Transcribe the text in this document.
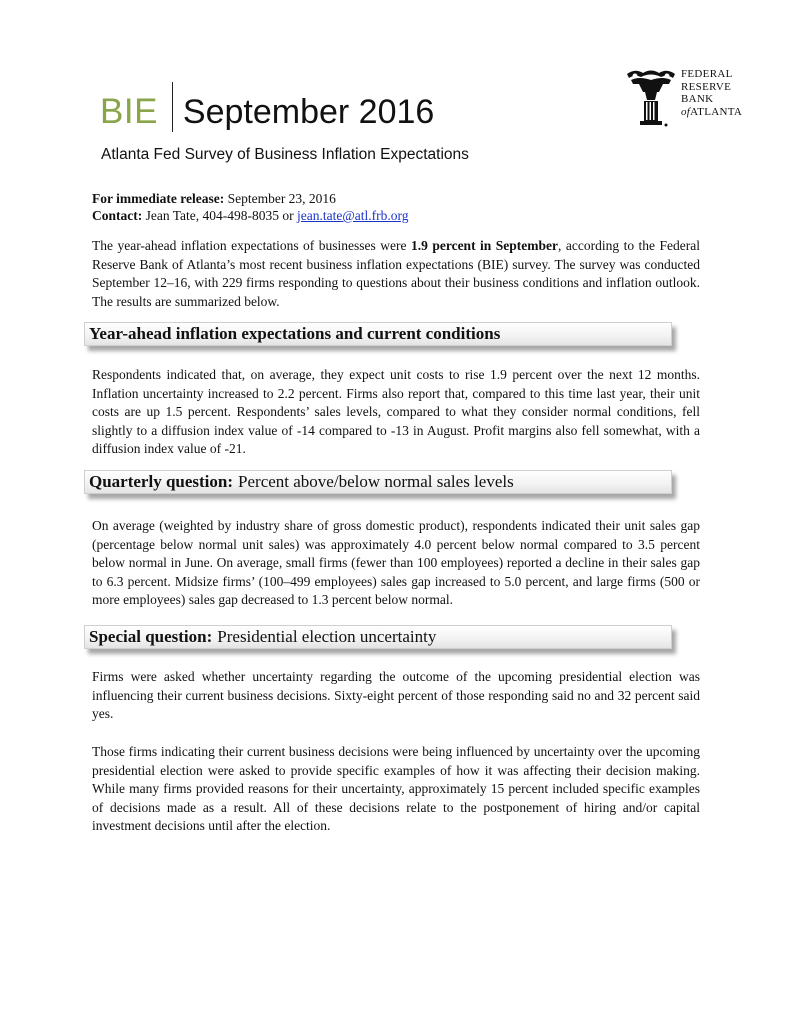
BIE September 2016
Atlanta Fed Survey of Business Inflation Expectations
FEDERAL
RESERVE
BANK
ofATLANTA
For immediate release: September 23, 2016
Contact: Jean Tate, 404-498-8035 or jean.tate@atl.frb.org

The year-ahead inflation expectations of businesses were 1.9 percent in September, according to the Federal Reserve Bank of Atlanta’s most recent business inflation expectations (BIE) survey. The survey was conducted September 12–16, with 229 firms responding to questions about their business conditions and inflation outlook. The results are summarized below.

Year-ahead inflation expectations and current conditions

Respondents indicated that, on average, they expect unit costs to rise 1.9 percent over the next 12 months. Inflation uncertainty increased to 2.2 percent. Firms also report that, compared to this time last year, their unit costs are up 1.5 percent. Respondents’ sales levels, compared to what they consider normal conditions, fell slightly to a diffusion index value of -14 compared to -13 in August. Profit margins also fell somewhat, with a diffusion index value of -21.

Quarterly question: Percent above/below normal sales levels

On average (weighted by industry share of gross domestic product), respondents indicated their unit sales gap (percentage below normal unit sales) was approximately 4.0 percent below normal compared to 3.5 percent below normal in June. On average, small firms (fewer than 100 employees) reported a decline in their sales gap to 6.3 percent. Midsize firms’ (100–499 employees) sales gap increased to 5.0 percent, and large firms (500 or more employees) sales gap decreased to 1.3 percent below normal.

Special question: Presidential election uncertainty

Firms were asked whether uncertainty regarding the outcome of the upcoming presidential election was influencing their current business decisions. Sixty-eight percent of those responding said no and 32 percent said yes.

Those firms indicating their current business decisions were being influenced by uncertainty over the upcoming presidential election were asked to provide specific examples of how it was affecting their decision making. While many firms provided reasons for their uncertainty, approximately 15 percent included specific examples of decisions made as a result. All of these decisions relate to the postponement of hiring and/or capital investment decisions until after the election.
